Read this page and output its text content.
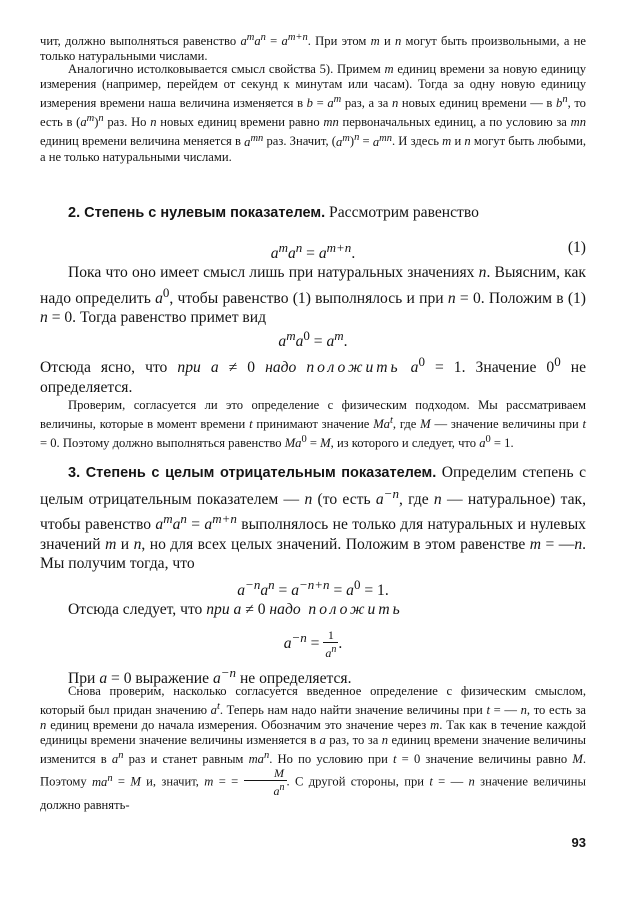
чит, должно выполняться равенство $a^ma^n = a^{m+n}$. При этом m и n могут быть произвольными, а не только натуральными числами.

Аналогично истолковывается смысл свойства 5). Примем m единиц времени за новую единицу измерения (например, перейдем от секунд к минутам или часам). Тогда за одну новую единицу измерения времени наша величина изменяется в $b = a^m$ раз, а за n новых единиц времени — в $b^n$, то есть в $(a^m)^n$ раз. Но n новых единиц времени равно mn первоначальных единиц, а по условию за mn единиц времени величина меняется в $a^{mn}$ раз. Значит, $(a^m)^n = a^{mn}$. И здесь m и n могут быть любыми, а не только натуральными числами.

2. Степень с нулевым показателем. Рассмотрим равенство

$a^ma^n = a^{m+n}$.	(1)

Пока что оно имеет смысл лишь при натуральных значениях n. Выясним, как надо определить $a^0$, чтобы равенство (1) выполнялось и при n = 0. Положим в (1) n = 0. Тогда равенство примет вид

$a^ma^0 = a^m$.

Отсюда ясно, что при a ≠ 0 надо положить $a^0 = 1$. Значение $0^0$ не определяется.

Проверим, согласуется ли это определение с физическим подходом. Мы рассматриваем величины, которые в момент времени t принимают значение Ma$^t$, где M — значение величины при t = 0. Поэтому должно выполняться равенство $Ma^0 = M$, из которого и следует, что $a^0 = 1$.

3. Степень с целым отрицательным показателем. Определим степень с целым отрицательным показателем — n (то есть $a^{-n}$, где n — натуральное) так, чтобы равенство $a^ma^n = a^{m+n}$ выполнялось не только для натуральных и нулевых значений m и n, но для всех целых значений. Положим в этом равенстве m = —n. Мы получим тогда, что

$a^{-n}a^n = a^{-n+n} = a^0 = 1$.

Отсюда следует, что при a ≠ 0 надо положить

$a^{-n} = \frac{1}{a^n}$ .

При a = 0 выражение $a^{-n}$ не определяется.

Снова проверим, насколько согласуется введенное определение с физическим смыслом, который был придан значению $a^t$. Теперь нам надо найти значение величины при t = — n, то есть за n единиц времени до начала измерения. Обозначим это значение через m. Так как в течение каждой единицы времени значение величины изменяется в a раз, то за n единиц времени значение величины изменится в $a^n$ раз и станет равным $ma^n$. Но по условию при t = 0 значение величины равно M. Поэтому $ma^n = M$ и, значит, m = = $\frac{M}{a^n}$ . С другой стороны, при t = — n значение величины должно равнять-

93
